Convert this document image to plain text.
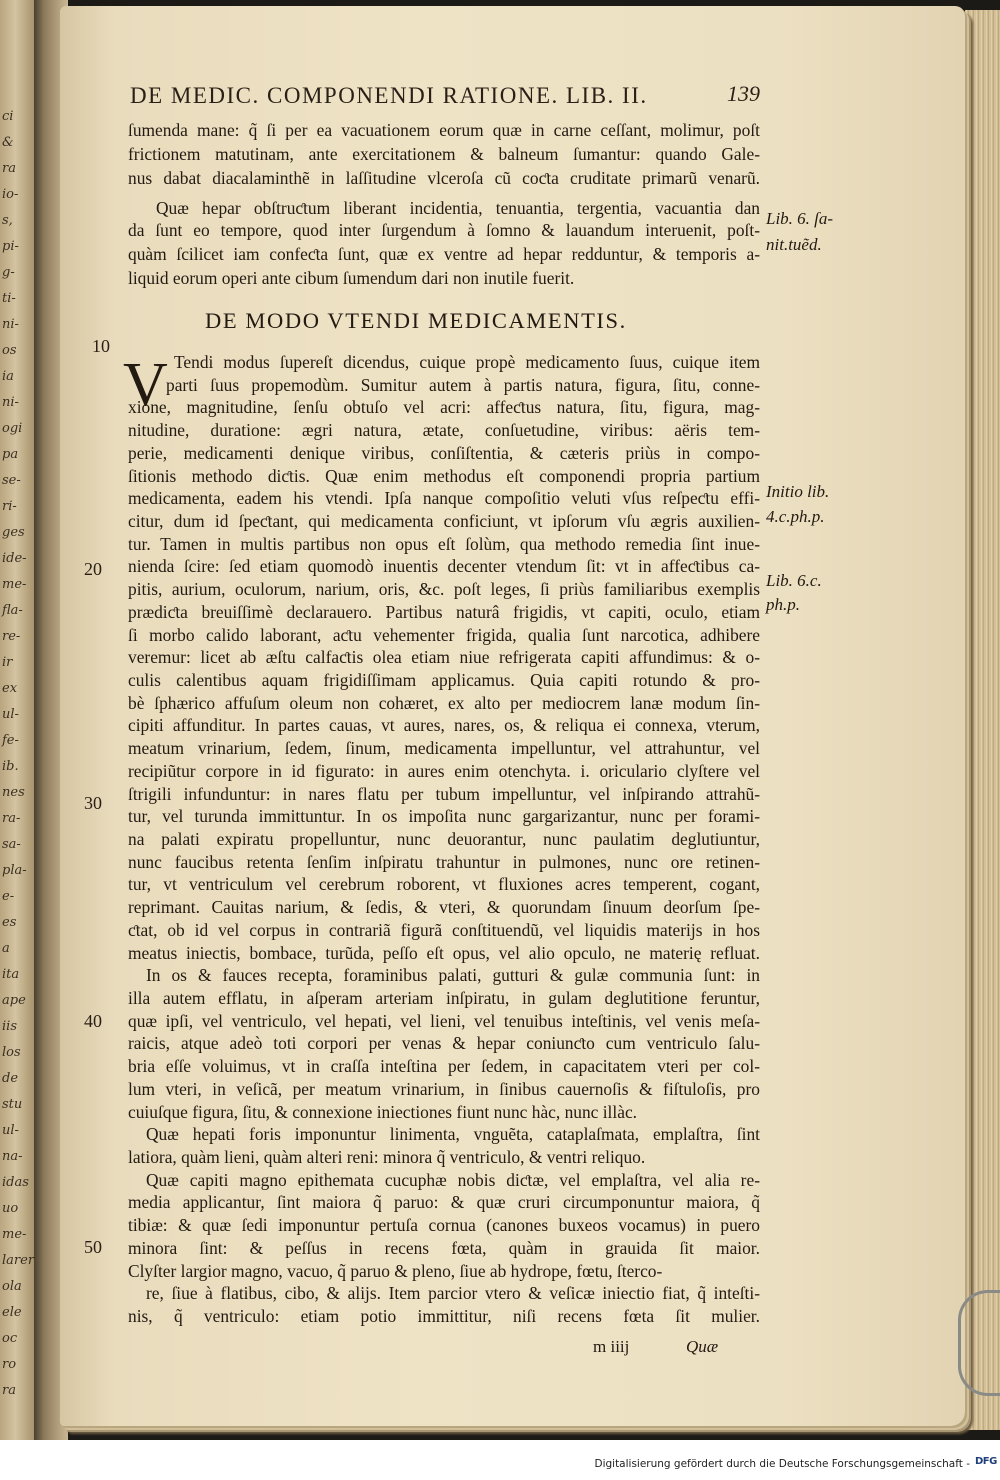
ci
&
ra
io-
s,
pi-
g-
ti-
ni-
os
ia
ni-
ogi
pa
se-
ri-
ges
ide-
me-
fla-
re-
ir
ex
ul-
fe-
ib.
nes
ra-
sa-
pla-
e-
es
a
ita
ape
iis
los
de
stu
ul-
na-
idas
uo
me-
larer
ola
ele
oc
ro
ra
DE MEDIC. COMPONENDI RATIONE. LIB. II.	139
ſumenda mane: q̃ ſi per ea vacuationem eorum quæ in carne ceſſant, molimur, poſt
frictionem matutinam, ante exercitationem & balneum ſumantur: quando Gale-
nus dabat diacalaminthẽ in laſſitudine vlceroſa cũ coƈta cruditate primarũ venarũ.
Quæ hepar obſtruƈtum liberant incidentia, tenuantia, tergentia, vacuantia dan
da ſunt eo tempore, quod inter ſurgendum à ſomno & lauandum interuenit, poſt-
quàm ſcilicet iam confeƈta ſunt, quæ ex ventre ad hepar redduntur, & temporis a-
liquid eorum operi ante cibum ſumendum dari non inutile fuerit.
DE MODO VTENDI MEDICAMENTIS.
V Tendi modus ſupereſt dicendus, cuique propè medicamento ſuus, cuique item
parti ſuus propemodùm. Sumitur autem à partis natura, figura, ſitu, conne-
xione, magnitudine, ſenſu obtuſo vel acri: affeƈtus natura, ſitu, figura, mag-
nitudine, duratione: ægri natura, ætate, conſuetudine, viribus: aëris tem-
perie, medicamenti denique viribus, conſiſtentia, & cæteris priùs in compo-
ſitionis methodo diƈtis. Quæ enim methodus eſt componendi propria partium
medicamenta, eadem his vtendi. Ipſa nanque compoſitio veluti vſus reſpeƈtu effi-
citur, dum id ſpeƈtant, qui medicamenta conficiunt, vt ipſorum vſu ægris auxilien-
tur. Tamen in multis partibus non opus eſt ſolùm, qua methodo remedia ſint inue-
nienda ſcire: ſed etiam quomodò inuentis decenter vtendum ſit: vt in affeƈtibus ca-
pitis, aurium, oculorum, narium, oris, &c. poſt leges, ſi priùs familiaribus exemplis
prædiƈta breuiſſimè declarauero. Partibus naturâ frigidis, vt capiti, oculo, etiam
ſi morbo calido laborant, aƈtu vehementer frigida, qualia ſunt narcotica, adhibere
veremur: licet ab æſtu calfaƈtis olea etiam niue refrigerata capiti affundimus: & o-
culis calentibus aquam frigidiſſimam applicamus. Quia capiti rotundo & pro-
bè ſphærico affuſum oleum non cohæret, ex alto per mediocrem lanæ modum ſin-
cipiti affunditur. In partes cauas, vt aures, nares, os, & reliqua ei connexa, vterum,
meatum vrinarium, ſedem, ſinum, medicamenta impelluntur, vel attrahuntur, vel
recipiũtur corpore in id figurato: in aures enim otenchyta. i. oriculario clyſtere vel
ſtrigili infunduntur: in nares flatu per tubum impelluntur, vel inſpirando attrahũ-
tur, vel turunda immittuntur. In os impoſita nunc gargarizantur, nunc per forami-
na palati expiratu propelluntur, nunc deuorantur, nunc paulatim deglutiuntur,
nunc faucibus retenta ſenſim inſpiratu trahuntur in pulmones, nunc ore retinen-
tur, vt ventriculum vel cerebrum roborent, vt fluxiones acres temperent, cogant,
reprimant. Cauitas narium, & ſedis, & vteri, & quorundam ſinuum deorſum ſpe-
ƈtat, ob id vel corpus in contrariã figurã conſtituendũ, vel liquidis materijs in hos
meatus iniectis, bombace, turũda, peſſo eſt opus, vel alio opculo, ne materię refluat.
In os & fauces recepta, foraminibus palati, gutturi & gulæ communia ſunt: in
illa autem efflatu, in aſperam arteriam inſpiratu, in gulam deglutitione feruntur,
quæ ipſi, vel ventriculo, vel hepati, vel lieni, vel tenuibus inteſtinis, vel venis meſa-
raicis, atque adeò toti corpori per venas & hepar coniunƈto cum ventriculo ſalu-
bria eſſe voluimus, vt in craſſa inteſtina per ſedem, in capacitatem vteri per col-
lum vteri, in veſicã, per meatum vrinarium, in ſinibus cauernoſis & fiſtuloſis, pro
cuiuſque figura, ſitu, & connexione iniectiones fiunt nunc hàc, nunc illàc.
Quæ hepati foris imponuntur linimenta, vnguẽta, cataplaſmata, emplaſtra, ſint
latiora, quàm lieni, quàm alteri reni: minora q̃ ventriculo, & ventri reliquo.
Quæ capiti magno epithemata cucuphæ nobis diƈtæ, vel emplaſtra, vel alia re-
media applicantur, ſint maiora q̃ paruo: & quæ cruri circumponuntur maiora, q̃
tibiæ: & quæ ſedi imponuntur pertuſa cornua (canones buxeos vocamus) in puero
minora ſint: & peſſus in recens fœta, quàm in grauida ſit maior.
Clyſter largior magno, vacuo, q̃ paruo & pleno, ſiue ab hydrope, fœtu, ſterco-
re, ſiue à flatibus, cibo, & alijs. Item parcior vtero & veſicæ iniectio fiat, q̃ inteſti-
nis, q̃ ventriculo: etiam potio immittitur, niſi recens fœta ſit mulier.
10
20
30
40
50
Lib. 6. ſa-
nit.tuẽd.
Initio lib.
4.c.ph.p.
Lib. 6.c.
ph.p.
m iiij	Quæ
Digitalisierung gefördert durch die Deutsche Forschungsgemeinschaft - DFG
